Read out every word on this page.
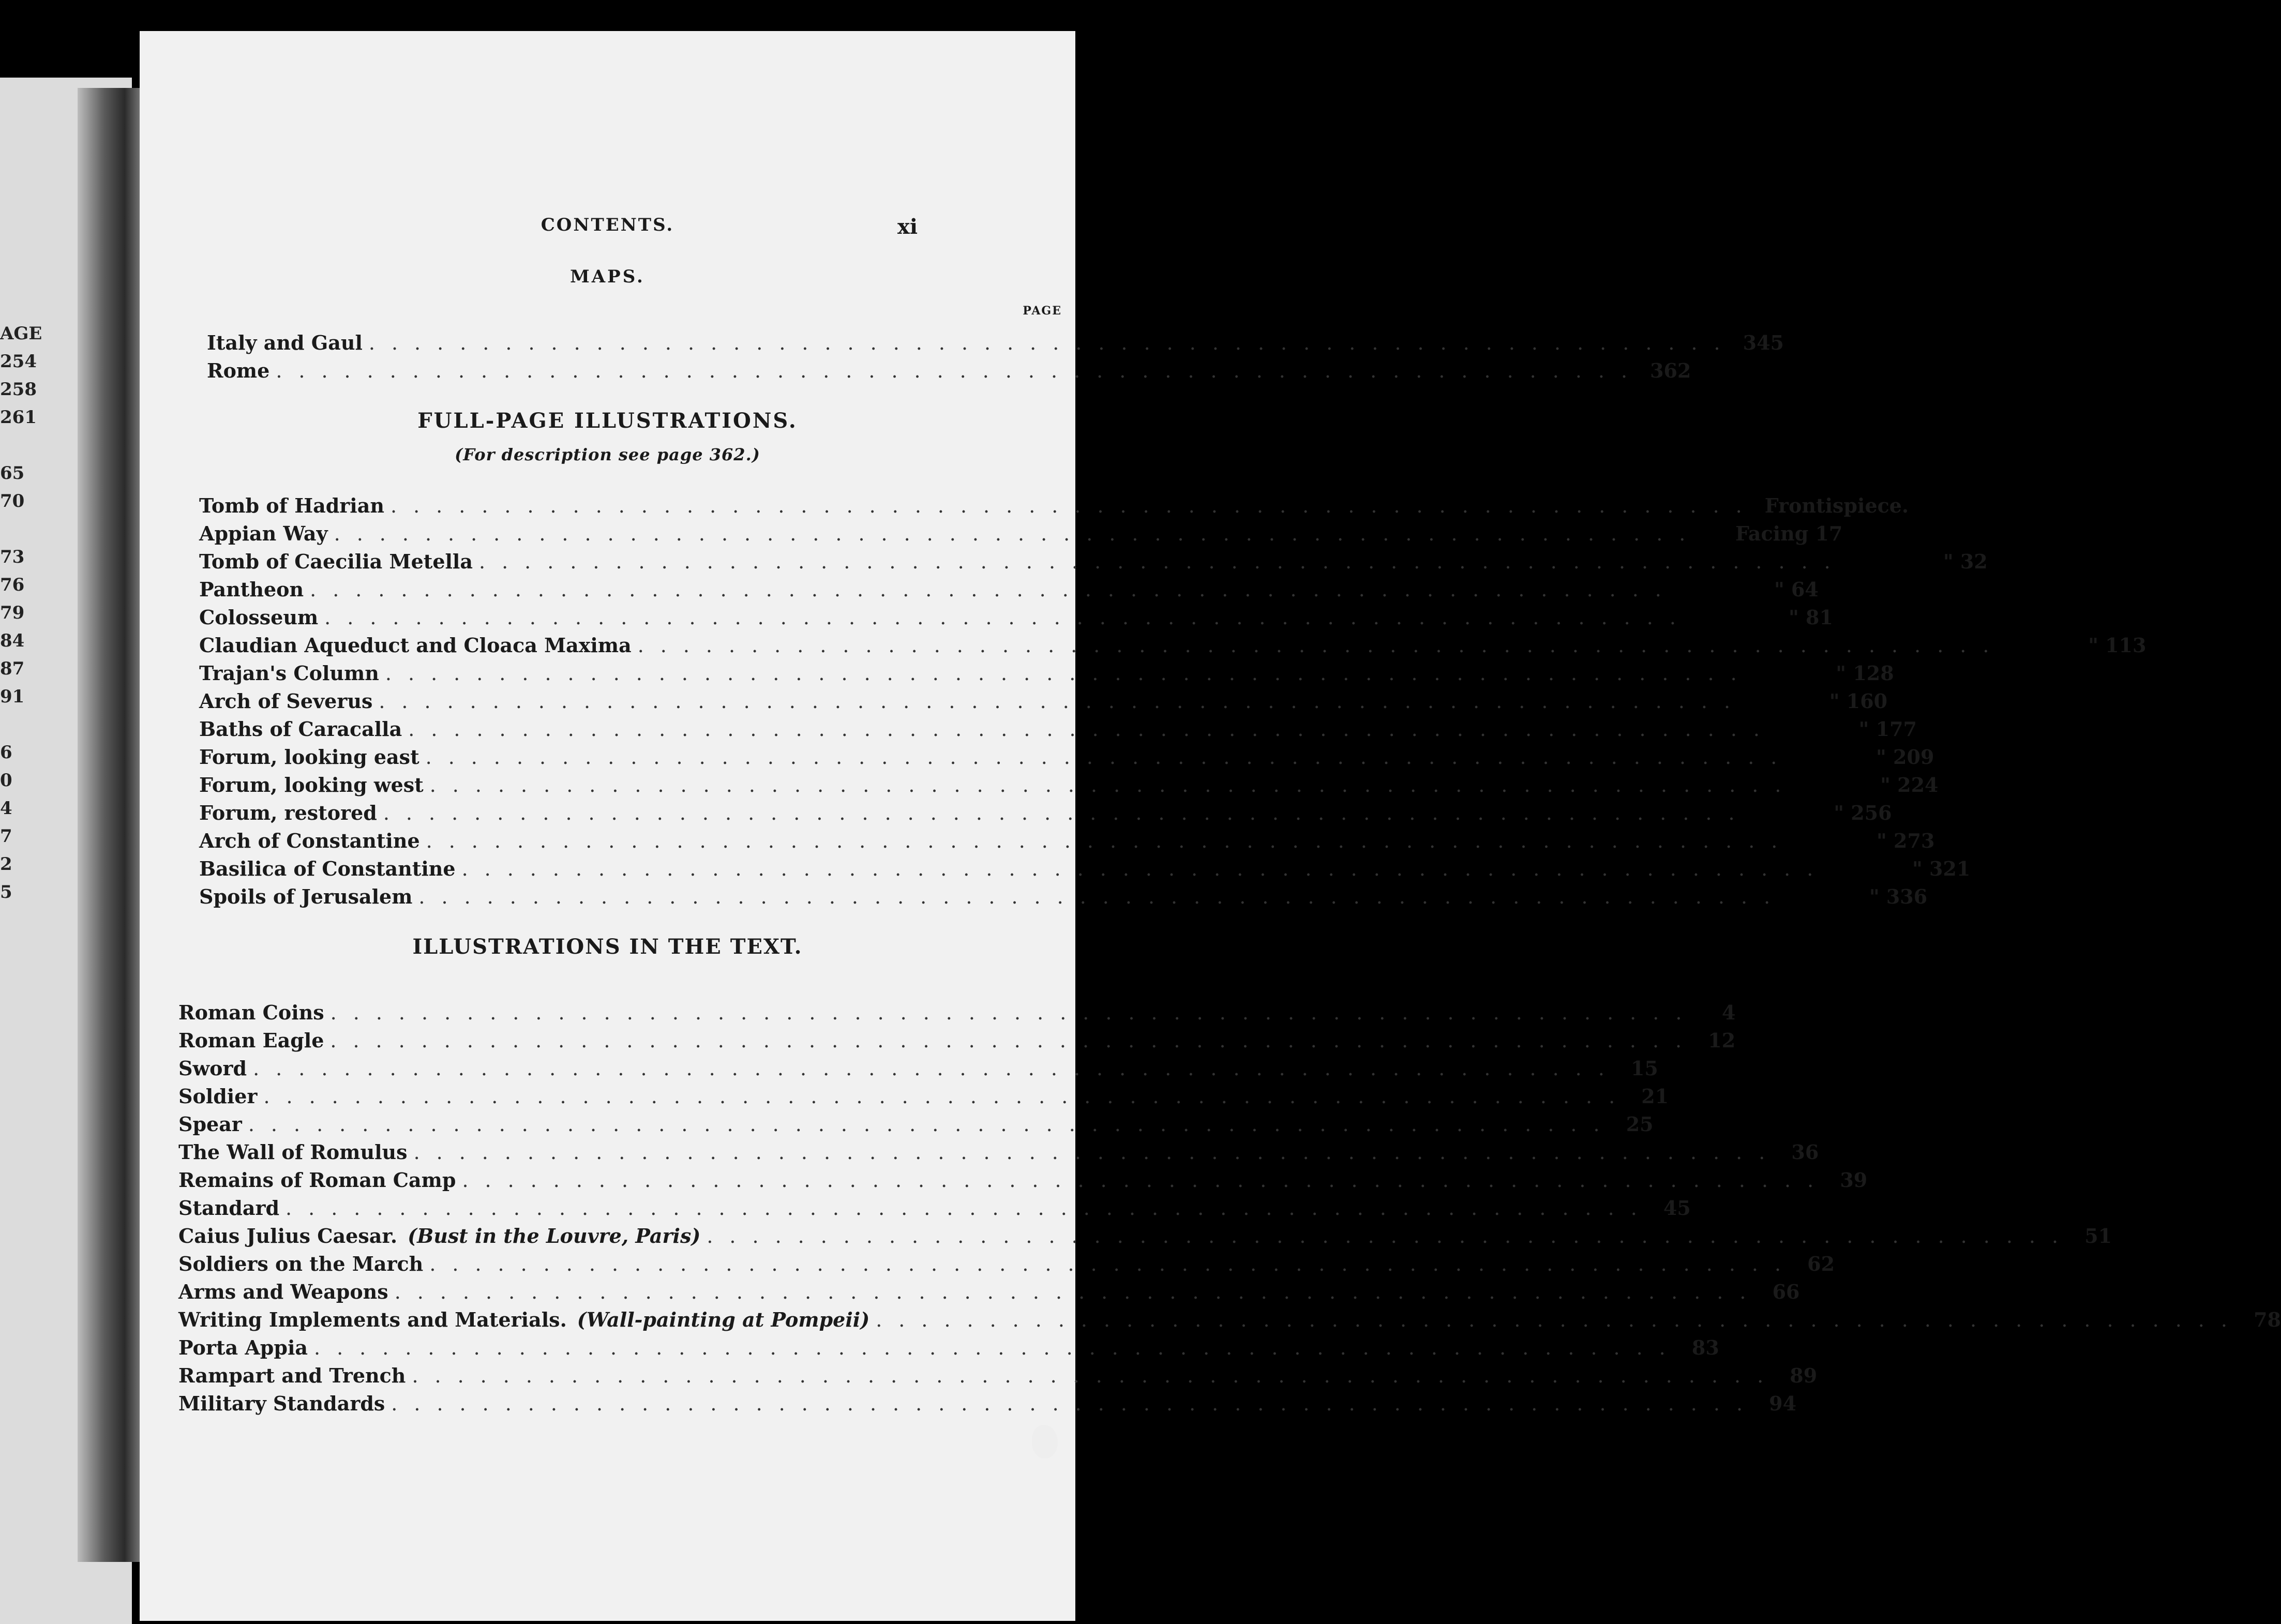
AGE
254
258
261
65
70
73
76
79
84
87
91
6
0
4
7
2
5
CONTENTS.	xi
MAPS.
PAGE
Italy and Gaul ............................................................ 345
Rome ............................................................ 362
FULL-PAGE ILLUSTRATIONS.
(For description see page 362.)
Tomb of Hadrian ............................................................ Frontispiece.
Appian Way ............................................................	Facing 17
Tomb of Caecilia Metella ............................................................	" 32
Pantheon ............................................................	" 64
Colosseum ............................................................	" 81
Claudian Aqueduct and Cloaca Maxima ............................................................	" 113
Trajan's Column ............................................................	" 128
Arch of Severus ............................................................	" 160
Baths of Caracalla ............................................................	" 177
Forum, looking east ............................................................	" 209
Forum, looking west ............................................................	" 224
Forum, restored ............................................................	" 256
Arch of Constantine ............................................................	" 273
Basilica of Constantine ............................................................	" 321
Spoils of Jerusalem ............................................................	" 336
ILLUSTRATIONS IN THE TEXT.
Roman Coins ............................................................	4
Roman Eagle ............................................................ 12
Sword ............................................................ 15
Soldier ............................................................ 21
Spear ............................................................ 25
The Wall of Romulus ............................................................ 36
Remains of Roman Camp ............................................................ 39
Standard ............................................................ 45
Caius Julius Caesar. (Bust in the Louvre, Paris) ............................................................ 51
Soldiers on the March ............................................................ 62
Arms and Weapons ............................................................ 66
Writing Implements and Materials. (Wall-painting at Pompeii) ............................................................ 78
Porta Appia ............................................................ 83
Rampart and Trench ............................................................ 89
Military Standards ............................................................ 94
